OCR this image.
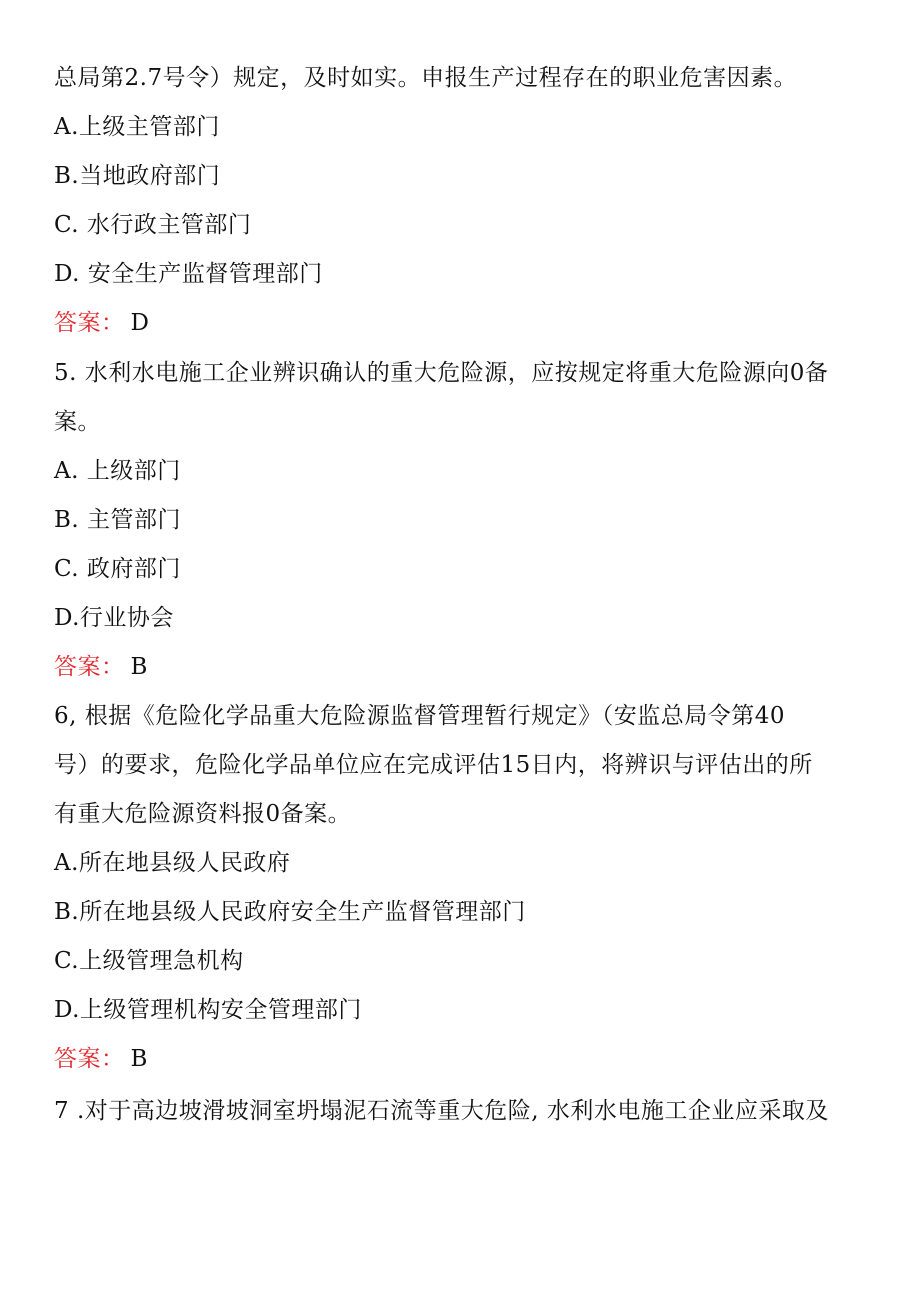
总局第2.7号令）规定，及时如实。申报生产过程存在的职业危害因素。
A.上级主管部门
B.当地政府部门
C. 水行政主管部门
D. 安全生产监督管理部门
答案： D
5. 水利水电施工企业辨识确认的重大危险源，应按规定将重大危险源向0备
案。
A. 上级部门
B. 主管部门
C. 政府部门
D.行业协会
答案： B
6, 根据《危险化学品重大危险源监督管理暂行规定》（安监总局令第40
号）的要求，危险化学品单位应在完成评估15日内，将辨识与评估出的所
有重大危险源资料报0备案。
A.所在地县级人民政府
B.所在地县级人民政府安全生产监督管理部门
C.上级管理急机构
D.上级管理机构安全管理部门
答案： B
7 .对于高边坡滑坡洞室坍塌泥石流等重大危险, 水利水电施工企业应采取及
